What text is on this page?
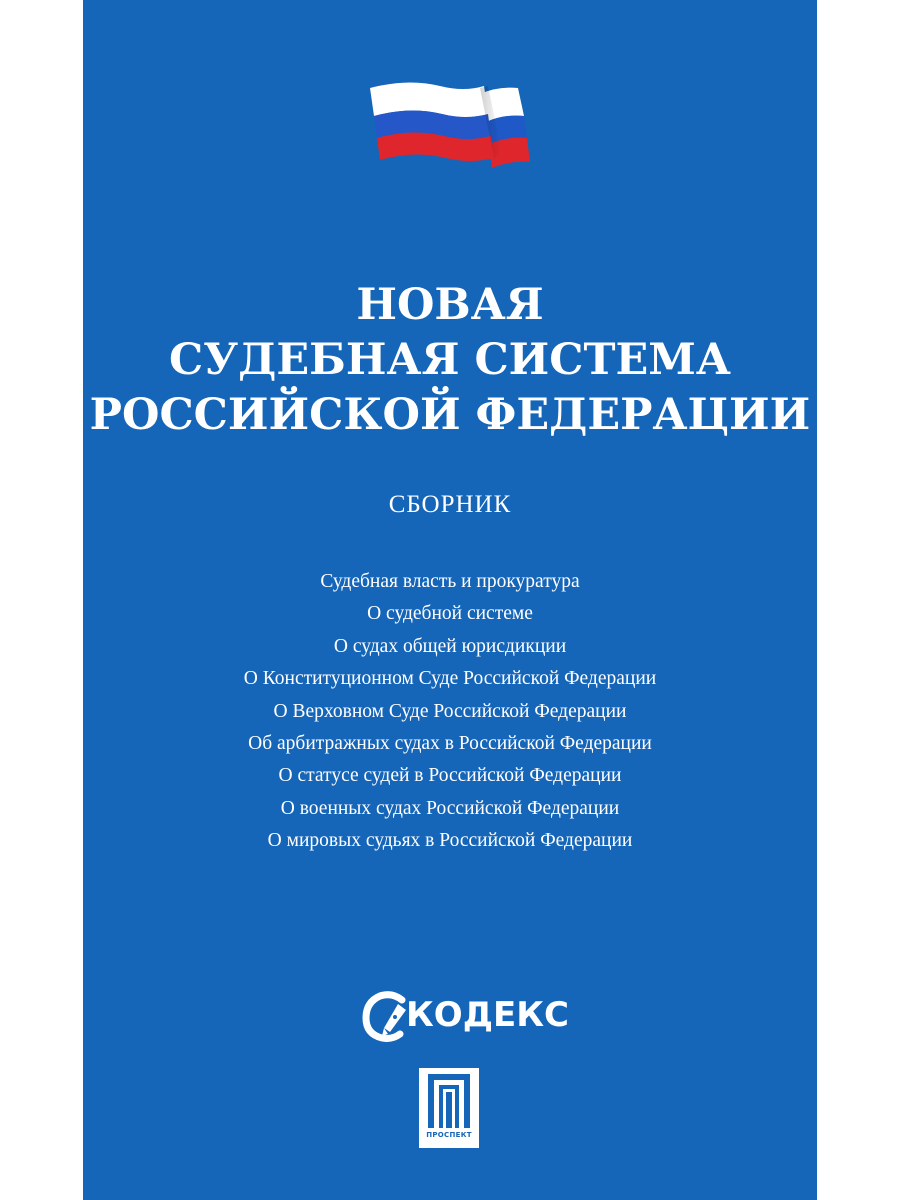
НОВАЯ
СУДЕБНАЯ СИСТЕМА
РОССИЙСКОЙ ФЕДЕРАЦИИ

СБОРНИК

Судебная власть и прокуратура
О судебной системе
О судах общей юрисдикции
О Конституционном Суде Российской Федерации
О Верховном Суде Российской Федерации
Об арбитражных судах в Российской Федерации
О статусе судей в Российской Федерации
О военных судах Российской Федерации
О мировых судьях в Российской Федерации
КОДЕКС
ПРОСПЕКТ
